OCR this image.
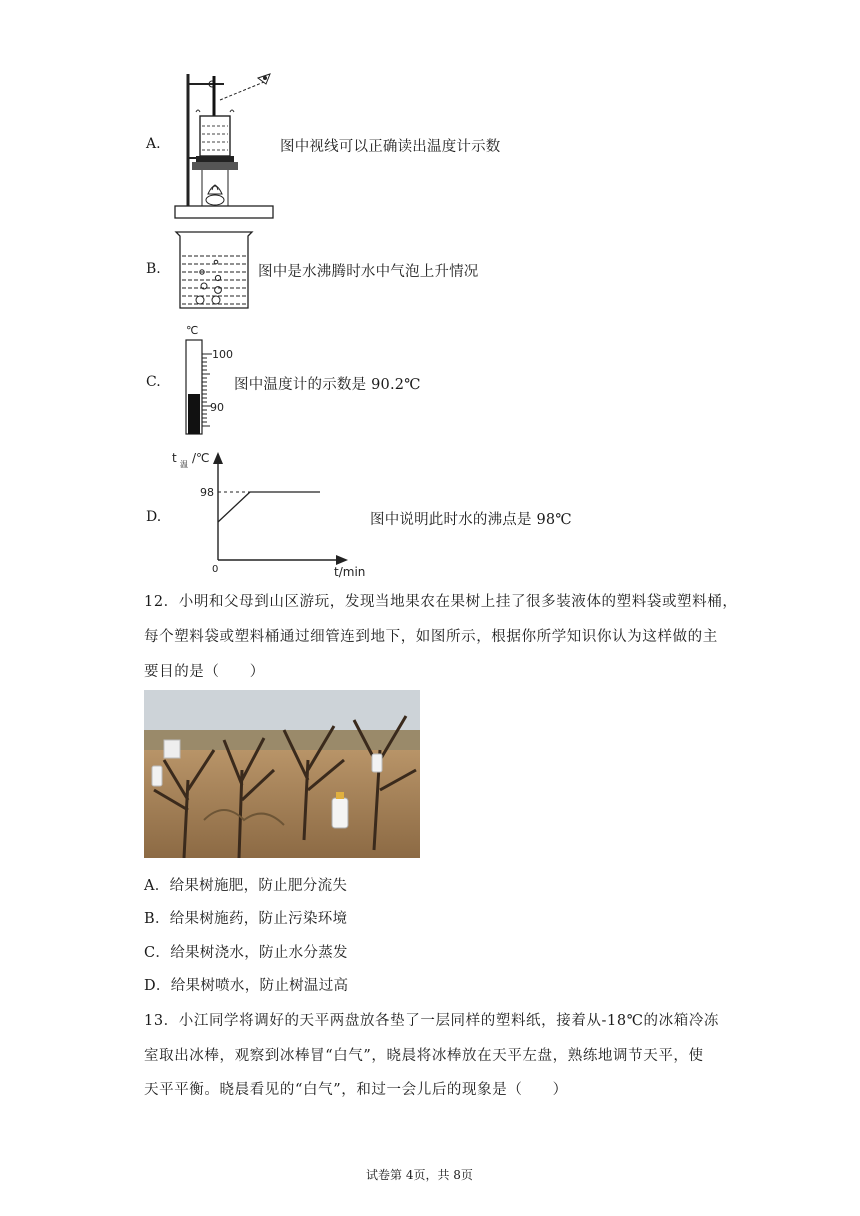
A.	图中视线可以正确读出温度计示数
B.	图中是水沸腾时水中气泡上升情况
C.
℃
100
90
图中温度计的示数是 90.2℃
D.
t 温 /℃
98
0	t/min
图中说明此时水的沸点是 98℃
12．小明和父母到山区游玩，发现当地果农在果树上挂了很多装液体的塑料袋或塑料桶，
每个塑料袋或塑料桶通过细管连到地下，如图所示，根据你所学知识你认为这样做的主
要目的是（　　）
A．给果树施肥，防止肥分流失
B．给果树施药，防止污染环境
C．给果树浇水，防止水分蒸发
D．给果树喷水，防止树温过高
13．小江同学将调好的天平两盘放各垫了一层同样的塑料纸，接着从-18℃的冰箱冷冻
室取出冰棒，观察到冰棒冒“白气”，晓晨将冰棒放在天平左盘，熟练地调节天平，使
天平平衡。晓晨看见的“白气”，和过一会儿后的现象是（　　）
试卷第 4页，共 8页
